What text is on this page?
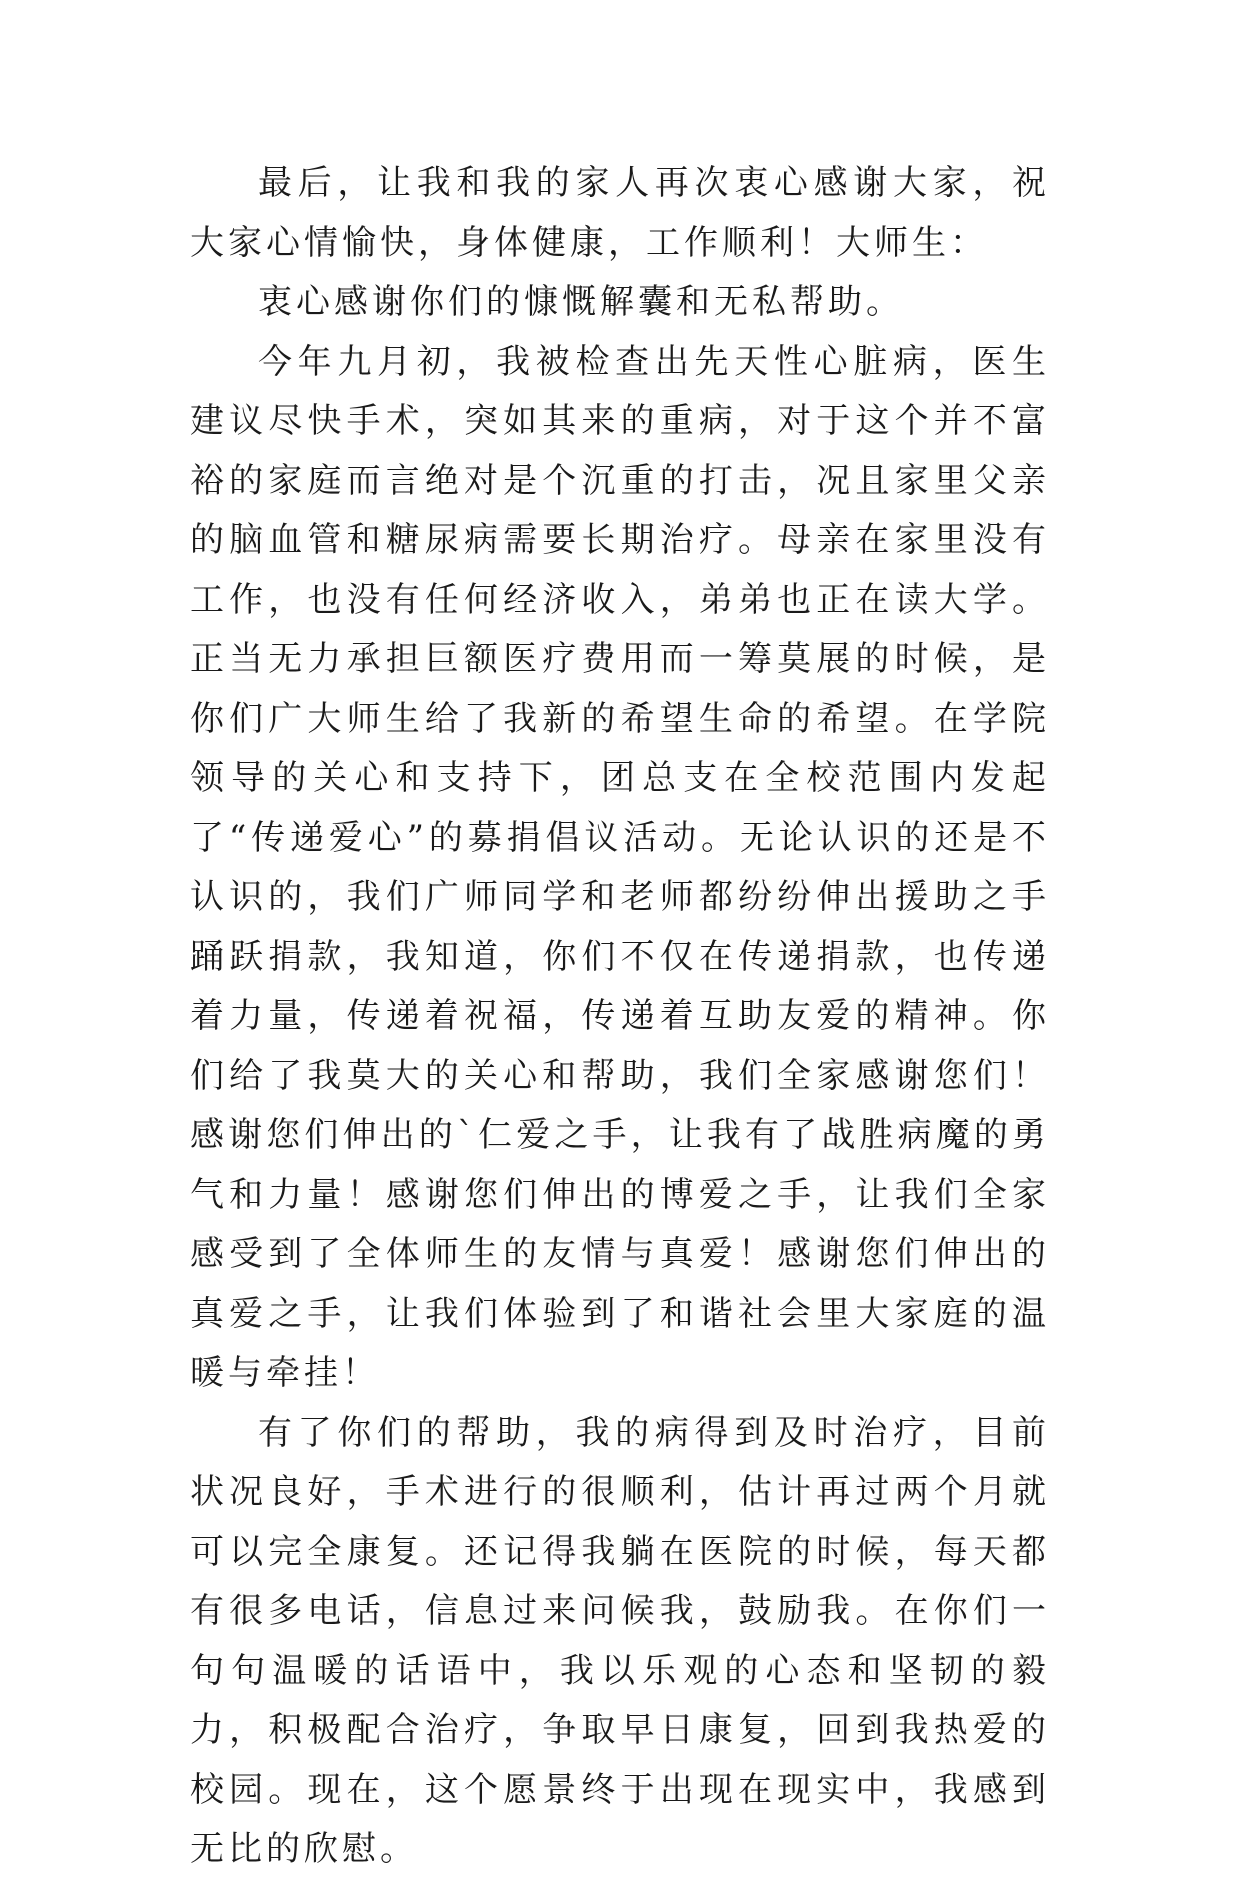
最后，让我和我的家人再次衷心感谢大家，祝大家心情愉快，身体健康，工作顺利！大师生：

衷心感谢你们的慷慨解囊和无私帮助。

今年九月初，我被检查出先天性心脏病，医生建议尽快手术，突如其来的重病，对于这个并不富裕的家庭而言绝对是个沉重的打击，况且家里父亲的脑血管和糖尿病需要长期治疗。母亲在家里没有工作，也没有任何经济收入，弟弟也正在读大学。正当无力承担巨额医疗费用而一筹莫展的时候，是你们广大师生给了我新的希望生命的希望。在学院领导的关心和支持下，团总支在全校范围内发起了“传递爱心”的募捐倡议活动。无论认识的还是不认识的，我们广师同学和老师都纷纷伸出援助之手踊跃捐款，我知道，你们不仅在传递捐款，也传递着力量，传递着祝福，传递着互助友爱的精神。你们给了我莫大的关心和帮助，我们全家感谢您们！感谢您们伸出的`仁爱之手，让我有了战胜病魔的勇气和力量！感谢您们伸出的博爱之手，让我们全家感受到了全体师生的友情与真爱！感谢您们伸出的真爱之手，让我们体验到了和谐社会里大家庭的温暖与牵挂！

有了你们的帮助，我的病得到及时治疗，目前状况良好，手术进行的很顺利，估计再过两个月就可以完全康复。还记得我躺在医院的时候，每天都有很多电话，信息过来问候我，鼓励我。在你们一句句温暖的话语中，我以乐观的心态和坚韧的毅力，积极配合治疗，争取早日康复，回到我热爱的校园。现在，这个愿景终于出现在现实中，我感到无比的欣慰。
